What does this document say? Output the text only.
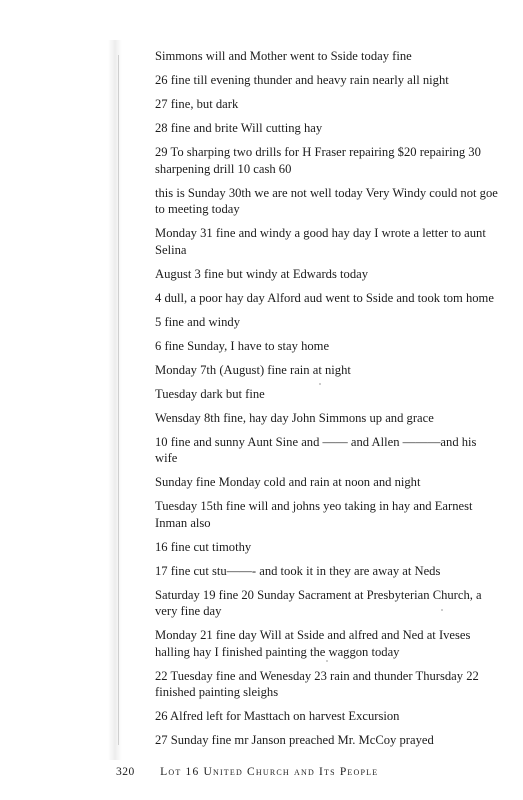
Simmons will and Mother went to Sside today fine

26 fine till evening thunder and heavy rain nearly all night

27 fine, but dark

28 fine and brite Will cutting hay

29 To sharping two drills for H Fraser repairing $20 repairing 30 sharpening drill 10 cash 60

this is Sunday 30th we are not well today Very Windy could not goe to meeting today

Monday 31 fine and windy a good hay day I wrote a letter to aunt Selina

August 3 fine but windy at Edwards today

4 dull, a poor hay day Alford aud went to Sside and took tom home

5 fine and windy

6 fine Sunday, I have to stay home

Monday 7th (August) fine rain at night

Tuesday dark but fine

Wensday 8th fine, hay day John Simmons up and grace

10 fine and sunny Aunt Sine and —— and Allen ———and his wife

Sunday fine Monday cold and rain at noon and night

Tuesday 15th fine will and johns yeo taking in hay and Earnest Inman also

16 fine cut timothy

17 fine cut stu——- and took it in they are away at Neds

Saturday 19 fine 20 Sunday Sacrament at Presbyterian Church, a very fine day

Monday 21 fine day Will at Sside and alfred and Ned at Iveses halling hay I finished painting the waggon today

22 Tuesday fine and Wenesday 23 rain and thunder Thursday 22 finished painting sleighs

26 Alfred left for Masttach on harvest Excursion

27 Sunday fine mr Janson preached Mr. McCoy prayed

320 Lot 16 United Church and Its People
